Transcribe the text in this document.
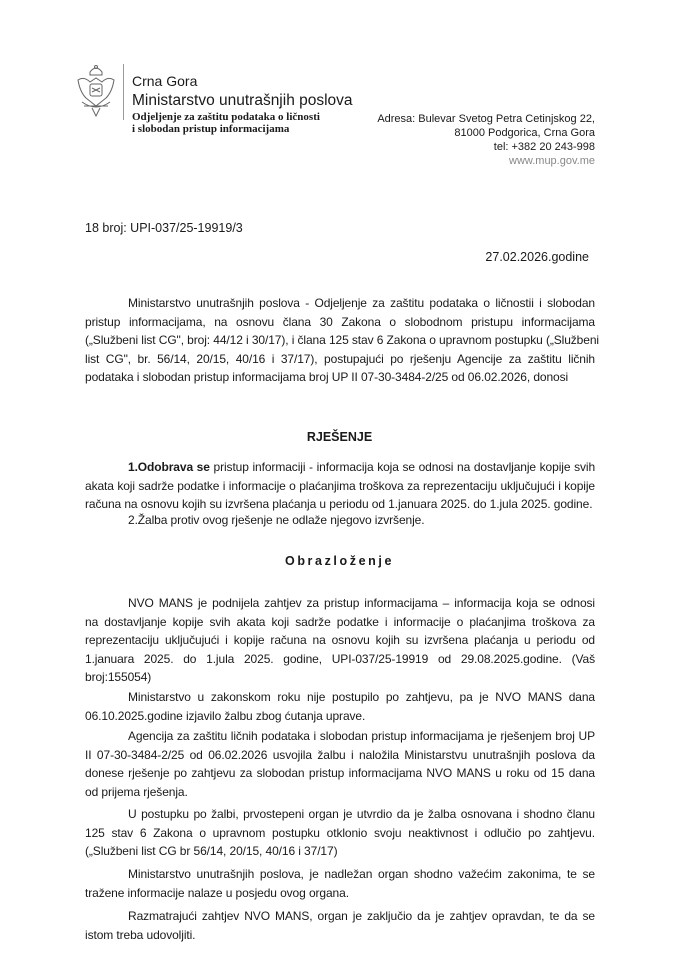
Crna Gora
Ministarstvo unutrašnjih poslova
Odjeljenje za zaštitu podataka o ličnosti
i slobodan pristup informacijama
Adresa: Bulevar Svetog Petra Cetinjskog 22,
81000 Podgorica, Crna Gora
tel: +382 20 243-998
www.mup.gov.me
18 broj: UPI-037/25-19919/3
27.02.2026.godine
Ministarstvo unutrašnjih poslova - Odjeljenje za zaštitu podataka o ličnostii i slobodan
pristup informacijama, na osnovu člana 30 Zakona o slobodnom pristupu informacijama
(„Službeni list CG", broj: 44/12 i 30/17), i člana 125 stav 6 Zakona o upravnom postupku („Službeni
list CG", br. 56/14, 20/15, 40/16 i 37/17), postupajući po rješenju Agencije za zaštitu ličnih
podataka i slobodan pristup informacijama broj UP II 07-30-3484-2/25 od 06.02.2026, donosi
RJEŠENJE
1.Odobrava se pristup informaciji - informacija koja se odnosi na dostavljanje kopije svih
akata koji sadrže podatke i informacije o plaćanjima troškova za reprezentaciju uključujući i kopije
računa na osnovu kojih su izvršena plaćanja u periodu od 1.januara 2025. do 1.jula 2025. godine.
2.Žalba protiv ovog rješenje ne odlaže njegovo izvršenje.
Obrazloženje
NVO MANS je podnijela zahtjev za pristup informacijama – informacija koja se odnosi
na dostavljanje kopije svih akata koji sadrže podatke i informacije o plaćanjima troškova za
reprezentaciju uključujući i kopije računa na osnovu kojih su izvršena plaćanja u periodu od
1.januara 2025. do 1.jula 2025. godine, UPI-037/25-19919 od 29.08.2025.godine. (Vaš
broj:155054)
Ministarstvo u zakonskom roku nije postupilo po zahtjevu, pa je NVO MANS dana
06.10.2025.godine izjavilo žalbu zbog ćutanja uprave.
Agencija za zaštitu ličnih podataka i slobodan pristup informacijama je rješenjem broj UP
II 07-30-3484-2/25 od 06.02.2026 usvojila žalbu i naložila Ministarstvu unutrašnjih poslova da
donese rješenje po zahtjevu za slobodan pristup informacijama NVO MANS u roku od 15 dana
od prijema rješenja.
U postupku po žalbi, prvostepeni organ je utvrdio da je žalba osnovana i shodno članu
125 stav 6 Zakona o upravnom postupku otklonio svoju neaktivnost i odlučio po zahtjevu.
(„Službeni list CG br 56/14, 20/15, 40/16 i 37/17)
Ministarstvo unutrašnjih poslova, je nadležan organ shodno važećim zakonima, te se
tražene informacije nalaze u posjedu ovog organa.
Razmatrajući zahtjev NVO MANS, organ je zaključio da je zahtjev opravdan, te da se
istom treba udovoljiti.
